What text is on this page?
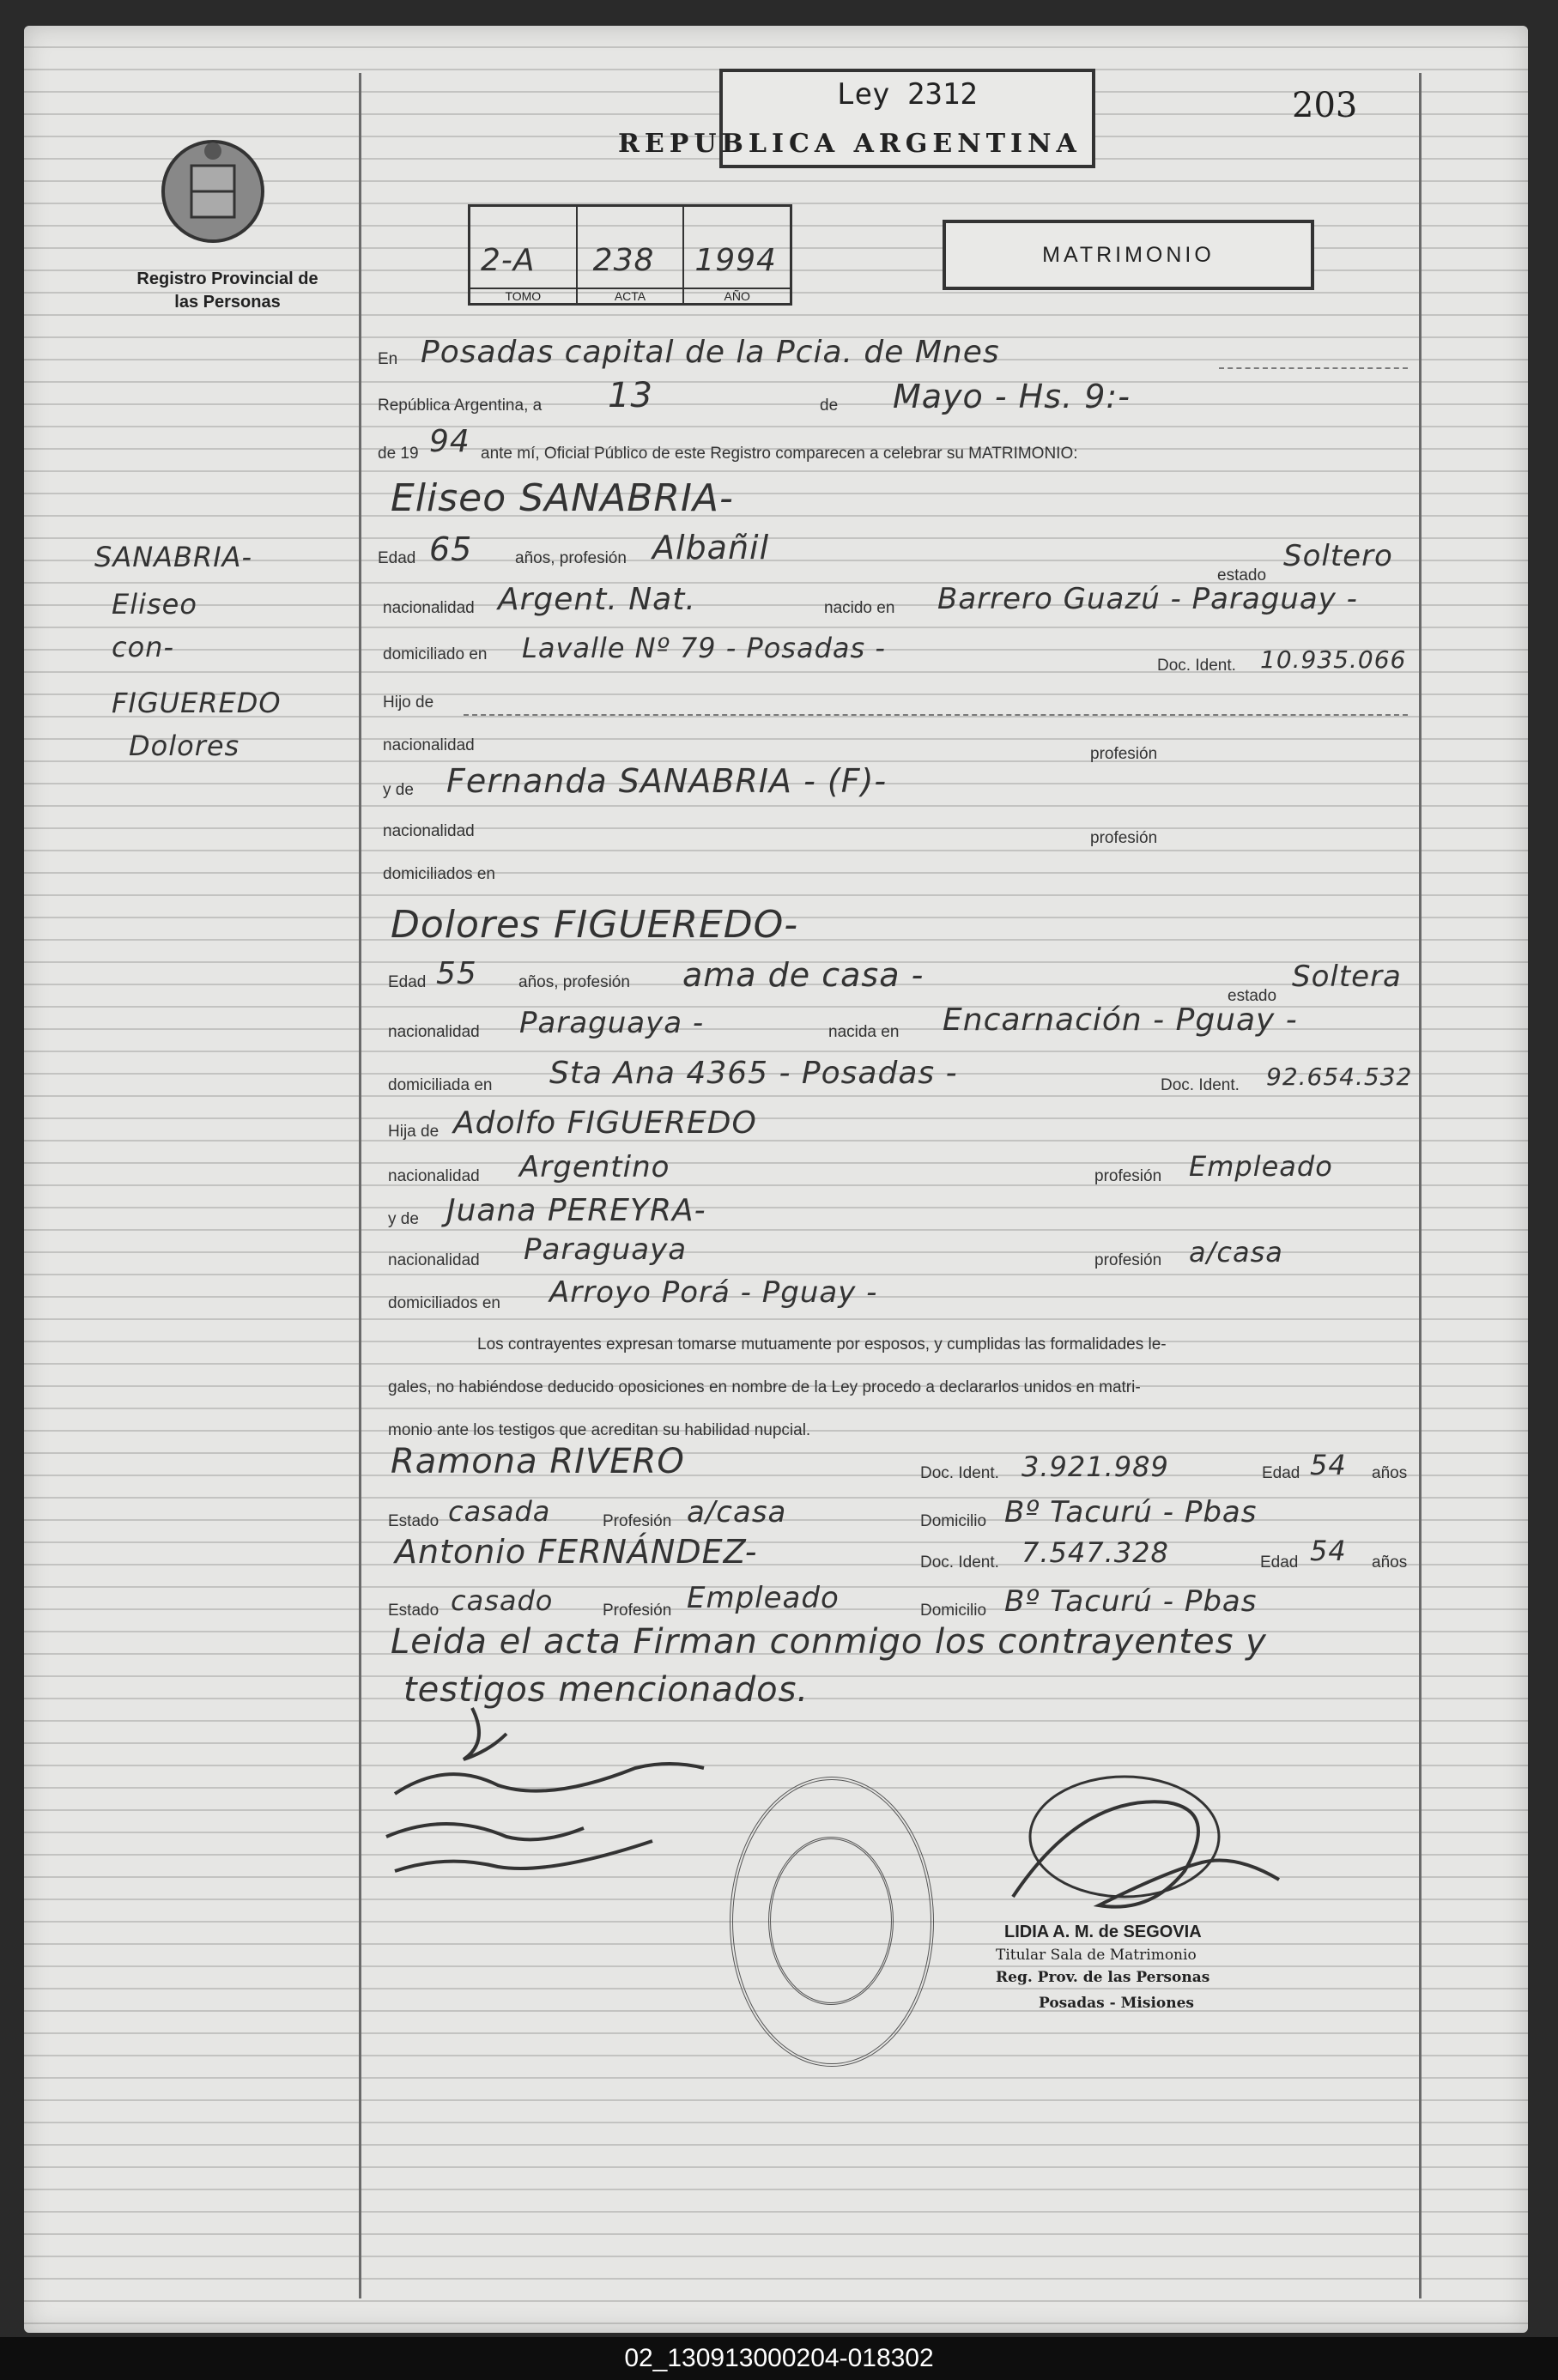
Ley 2312
REPUBLICA ARGENTINA
203
Registro Provincial de las Personas
2-A
TOMO
238
ACTA
1994
AÑO
MATRIMONIO
SANABRIA-
Eliseo
con-
FIGUEREDO
Dolores
En Posadas capital de la Pcia. de Mnes
República Argentina, a 13	de Mayo - Hs. 9:-
de 19 94 ante mí, Oficial Público de este Registro comparecen a celebrar su MATRIMONIO:
Eliseo SANABRIA-
Edad 65	años, profesión Albañil
estado
Soltero
nacionalidad Argent. Nat.	nacido en Barrero Guazú - Paraguay -
domiciliado en Lavalle Nº 79 - Posadas -
Doc. Ident. 10.935.066
Hijo de
nacionalidad	profesión
y de Fernanda SANABRIA - (F)-
nacionalidad	profesión
domiciliados en
Dolores FIGUEREDO-
Edad 55	años, profesión ama de casa -
estado
Soltera
nacionalidad Paraguaya -	nacida en Encarnación - Pguay -
domiciliada en Sta Ana 4365 - Posadas -	Doc. Ident. 92.654.532
Hija de Adolfo FIGUEREDO
nacionalidad Argentino	profesión Empleado
y de Juana PEREYRA-
nacionalidad Paraguaya	profesión a/casa
domiciliados en Arroyo Porá - Pguay -
Los contrayentes expresan tomarse mutuamente por esposos, y cumplidas las formalidades le-
gales, no habiéndose deducido oposiciones en nombre de la Ley procedo a declararlos unidos en matri-
monio ante los testigos que acreditan su habilidad nupcial.
Ramona RIVERO	Doc. Ident. 3.921.989	Edad 54 años
Estado casada	Profesión a/casa	Domicilio Bº Tacurú - Pbas
Antonio FERNÁNDEZ-	Doc. Ident. 7.547.328	Edad 54 años
Estado casado	Profesión Empleado	Domicilio Bº Tacurú - Pbas
Leida el acta Firman conmigo los contrayentes y
testigos mencionados.
LIDIA A. M. de SEGOVIA
Titular Sala de Matrimonio
Reg. Prov. de las Personas
Posadas - Misiones
02_130913000204-018302
